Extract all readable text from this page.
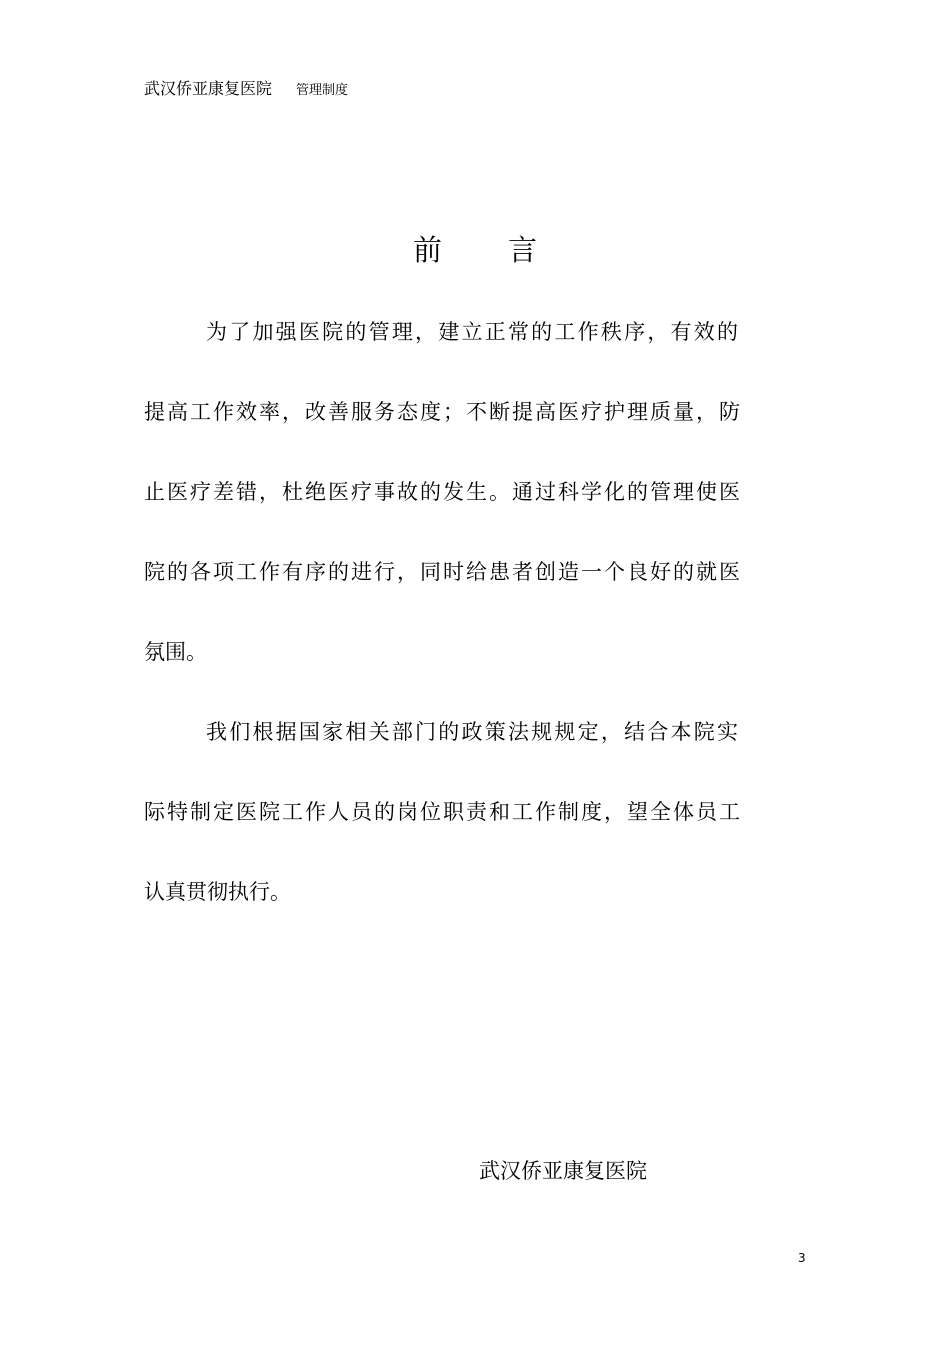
武汉侨亚康复医院 管理制度
前 言
为了加强医院的管理，建立正常的工作秩序，有效的
提高工作效率，改善服务态度；不断提高医疗护理质量，防
止医疗差错，杜绝医疗事故的发生。通过科学化的管理使医
院的各项工作有序的进行，同时给患者创造一个良好的就医
氛围。
我们根据国家相关部门的政策法规规定，结合本院实
际特制定医院工作人员的岗位职责和工作制度，望全体员工
认真贯彻执行。
武汉侨亚康复医院
3
